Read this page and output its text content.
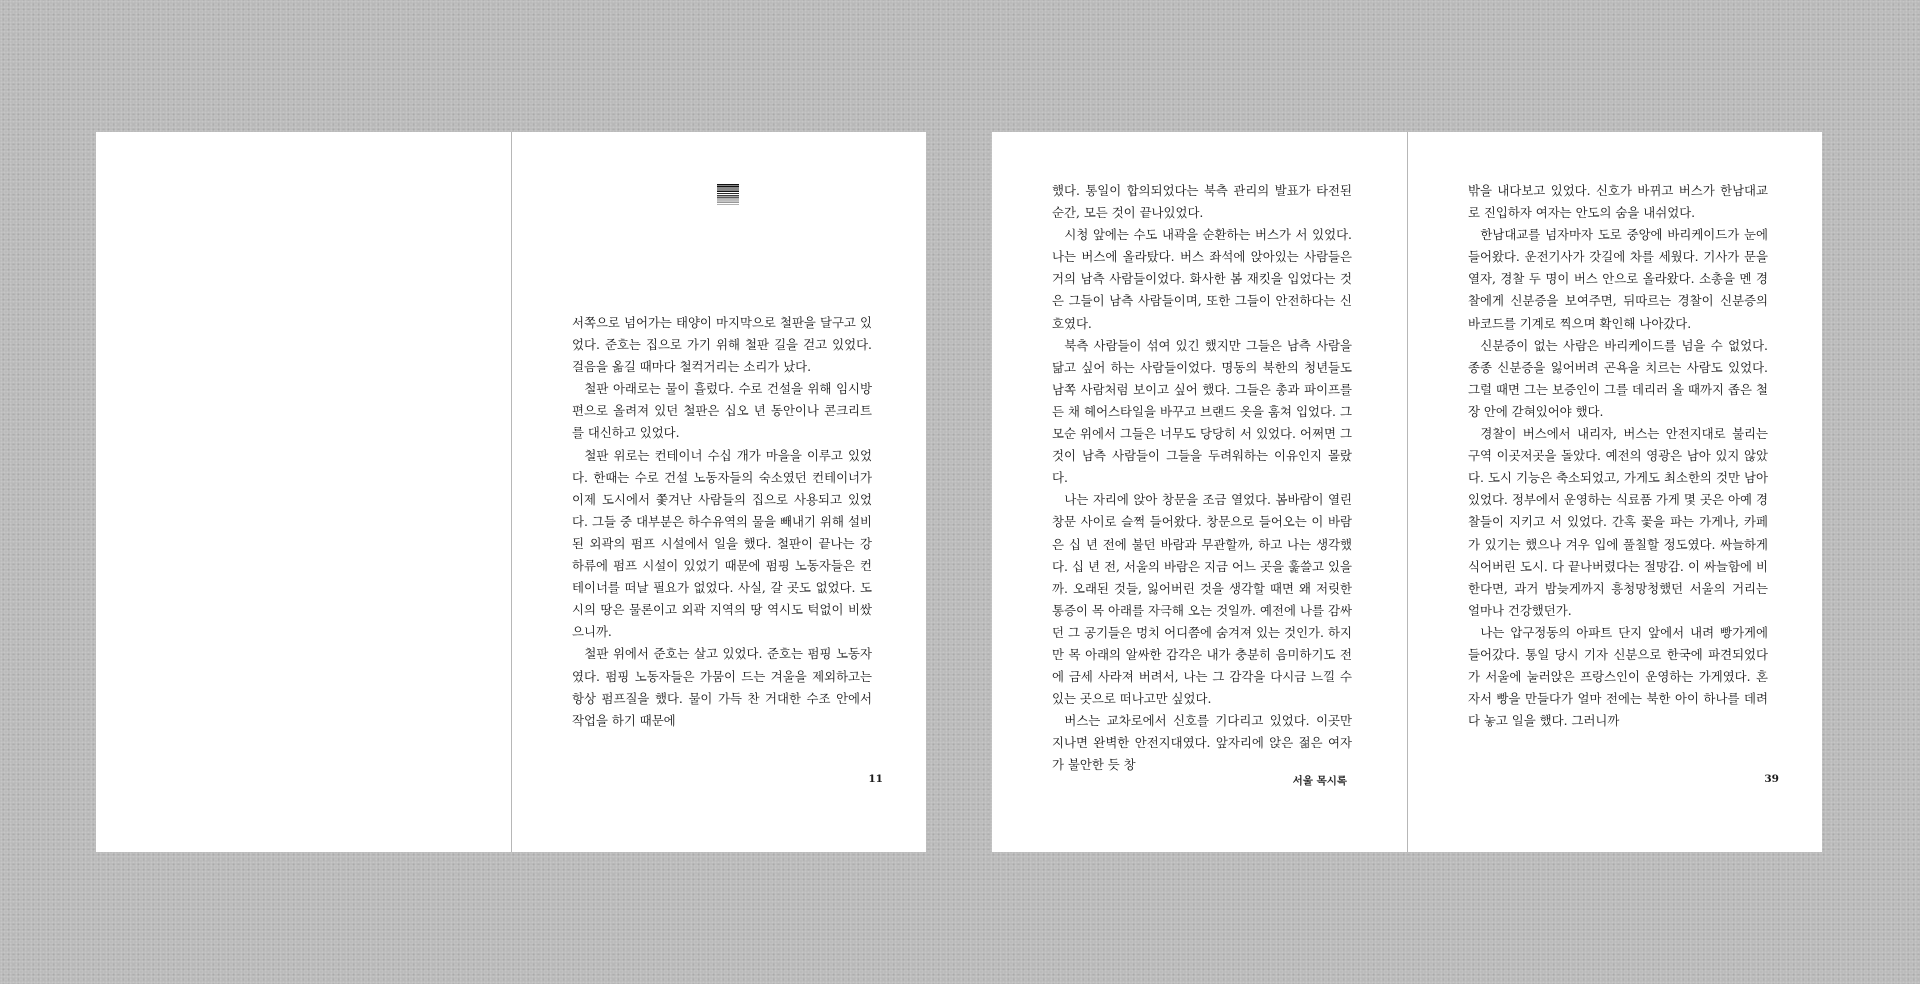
서쪽으로 넘어가는 태양이 마지막으로 철판을 달구고 있었다. 준호는 집으로 가기 위해 철판 길을 걷고 있었다. 걸음을 옮길 때마다 철컥거리는 소리가 났다.

철판 아래로는 물이 흘렀다. 수로 건설을 위해 임시방편으로 올려져 있던 철판은 십오 년 동안이나 콘크리트를 대신하고 있었다.

철판 위로는 컨테이너 수십 개가 마을을 이루고 있었다. 한때는 수로 건설 노동자들의 숙소였던 컨테이너가 이제 도시에서 쫓겨난 사람들의 집으로 사용되고 있었다. 그들 중 대부분은 하수유역의 물을 빼내기 위해 설비된 외곽의 펌프 시설에서 일을 했다. 철판이 끝나는 강 하류에 펌프 시설이 있었기 때문에 펌핑 노동자들은 컨테이너를 떠날 필요가 없었다. 사실, 갈 곳도 없었다. 도시의 땅은 물론이고 외곽 지역의 땅 역시도 턱없이 비쌌으니까.

철판 위에서 준호는 살고 있었다. 준호는 펌핑 노동자였다. 펌핑 노동자들은 가뭄이 드는 겨울을 제외하고는 항상 펌프질을 했다. 물이 가득 찬 거대한 수조 안에서 작업을 하기 때문에

11

했다. 통일이 합의되었다는 북측 관리의 발표가 타전된 순간, 모든 것이 끝나있었다.

시청 앞에는 수도 내곽을 순환하는 버스가 서 있었다. 나는 버스에 올라탔다. 버스 좌석에 앉아있는 사람들은 거의 남측 사람들이었다. 화사한 봄 재킷을 입었다는 것은 그들이 남측 사람들이며, 또한 그들이 안전하다는 신호였다.

북측 사람들이 섞여 있긴 했지만 그들은 남측 사람을 닮고 싶어 하는 사람들이었다. 명동의 북한의 청년들도 남쪽 사람처럼 보이고 싶어 했다. 그들은 총과 파이프를 든 채 헤어스타일을 바꾸고 브랜드 옷을 훔쳐 입었다. 그 모순 위에서 그들은 너무도 당당히 서 있었다. 어쩌면 그것이 남측 사람들이 그들을 두려워하는 이유인지 몰랐다.

나는 자리에 앉아 창문을 조금 열었다. 봄바람이 열린 창문 사이로 슬쩍 들어왔다. 창문으로 들어오는 이 바람은 십 년 전에 불던 바람과 무관할까, 하고 나는 생각했다. 십 년 전, 서울의 바람은 지금 어느 곳을 훑쓸고 있을까. 오래된 것들, 잃어버린 것을 생각할 때면 왜 저릿한 통증이 목 아래를 자극해 오는 것일까. 예전에 나를 감싸던 그 공기들은 멍치 어디쯤에 숨겨져 있는 것인가. 하지만 목 아래의 알싸한 감각은 내가 충분히 음미하기도 전에 금세 사라져 버려서, 나는 그 감각을 다시금 느낄 수 있는 곳으로 떠나고만 싶었다.

버스는 교차로에서 신호를 기다리고 있었다. 이곳만 지나면 완벽한 안전지대였다. 앞자리에 앉은 젊은 여자가 불안한 듯 창

서울 목시록

밖을 내다보고 있었다. 신호가 바뀌고 버스가 한남대교로 진입하자 여자는 안도의 숨을 내쉬었다.

한남대교를 넘자마자 도로 중앙에 바리케이드가 눈에 들어왔다. 운전기사가 갓길에 차를 세웠다. 기사가 문을 열자, 경찰 두 명이 버스 안으로 올라왔다. 소총을 멘 경찰에게 신분증을 보여주면, 뒤따르는 경찰이 신분증의 바코드를 기계로 찍으며 확인해 나아갔다.

신분증이 없는 사람은 바리케이드를 넘을 수 없었다. 종종 신분증을 잃어버려 곤욕을 치르는 사람도 있었다. 그럴 때면 그는 보증인이 그를 데리러 올 때까지 좁은 철장 안에 갇혀있어야 했다.

경찰이 버스에서 내리자, 버스는 안전지대로 불리는 구역 이곳저곳을 돌았다. 예전의 영광은 남아 있지 않았다. 도시 기능은 축소되었고, 가게도 최소한의 것만 남아 있었다. 정부에서 운영하는 식료품 가게 몇 곳은 아예 경찰들이 지키고 서 있었다. 간혹 꽃을 파는 가게나, 카페가 있기는 했으나 겨우 입에 풀칠할 정도였다. 싸늘하게 식어버린 도시. 다 끝나버렸다는 절망감. 이 싸늘함에 비한다면, 과거 밤늦게까지 흥청망청했던 서울의 거리는 얼마나 건강했던가.

나는 압구정동의 아파트 단지 앞에서 내려 빵가게에 들어갔다. 통일 당시 기자 신분으로 한국에 파견되었다가 서울에 눌러앉은 프랑스인이 운영하는 가게였다. 혼자서 빵을 만들다가 얼마 전에는 북한 아이 하나를 데려다 놓고 일을 했다. 그러니까

39
